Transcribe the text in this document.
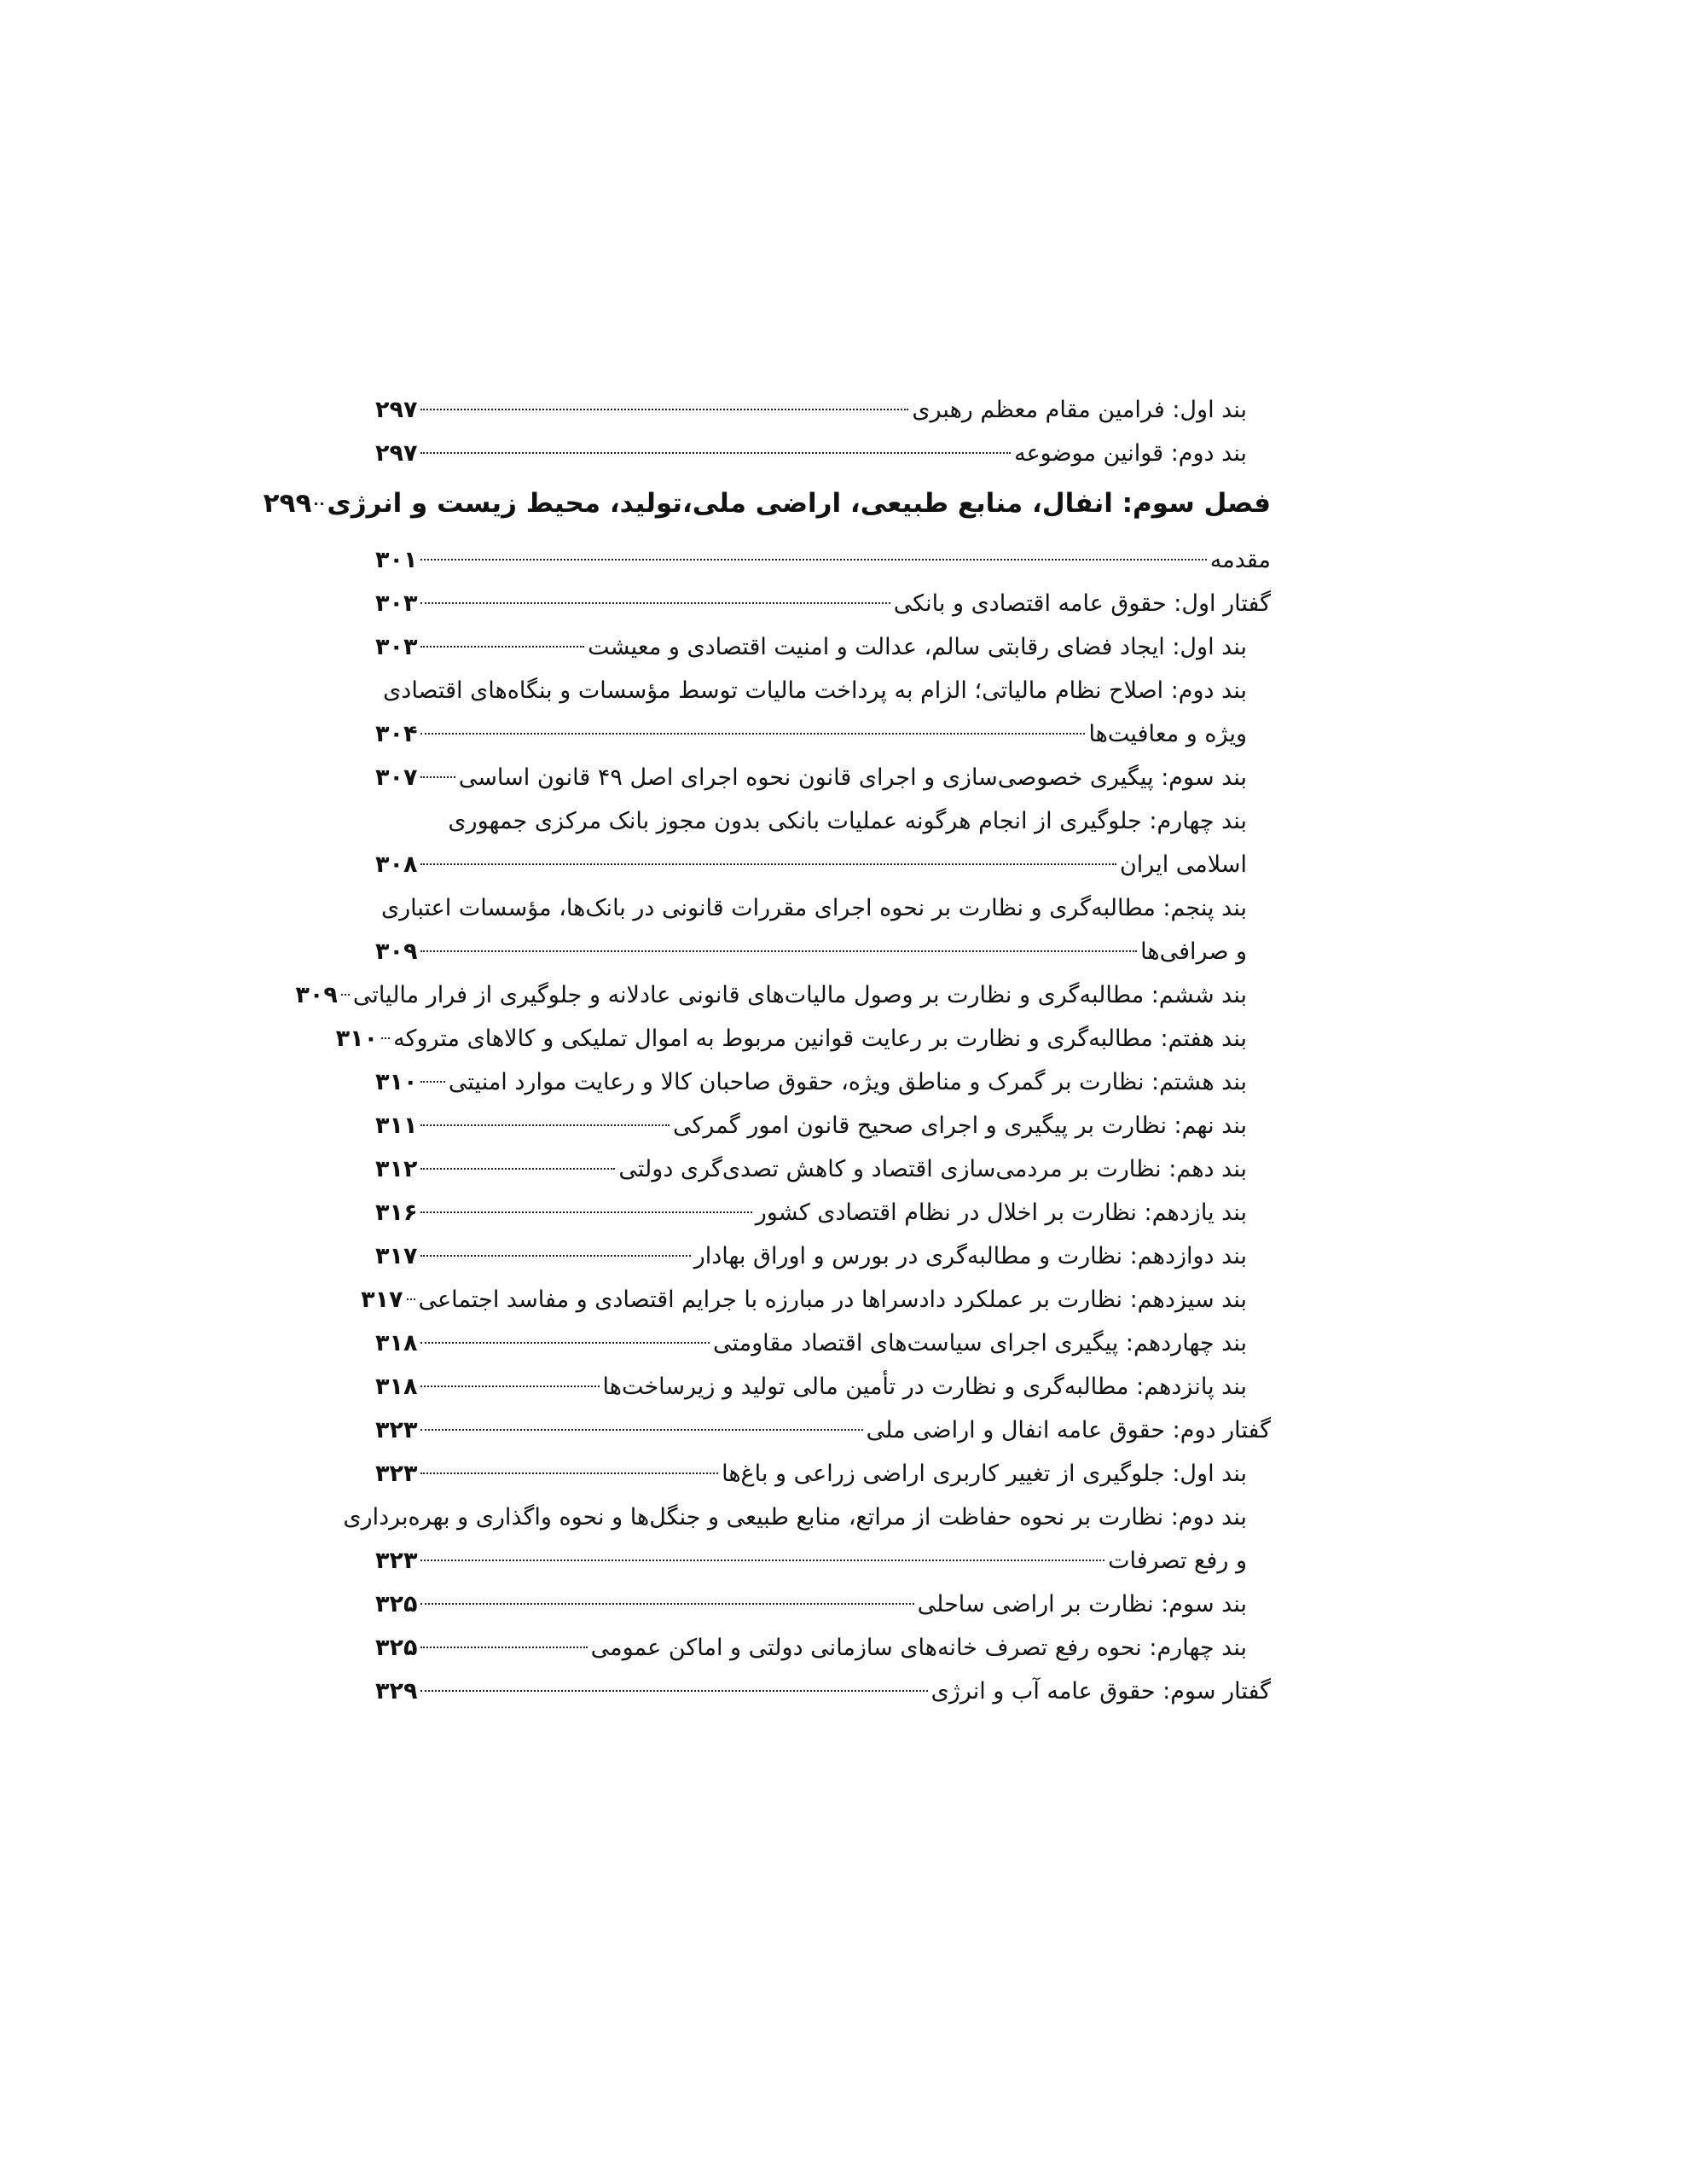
بند اول: فرامین مقام معظم رهبری
۲۹۷
بند دوم: قوانین موضوعه
۲۹۷
فصل سوم: انفال، منابع طبیعی، اراضی ملی،تولید، محیط زیست و انرژی
۲۹۹
مقدمه
۳۰۱
گفتار اول: حقوق عامه اقتصادی و بانکی
۳۰۳
بند اول: ایجاد فضای رقابتی سالم، عدالت و امنیت اقتصادی و معیشت
۳۰۳
بند دوم: اصلاح نظام مالیاتی؛ الزام به پرداخت مالیات توسط مؤسسات و بنگاه‌های اقتصادی
ویژه و معافیت‌ها
۳۰۴
بند سوم: پیگیری خصوصی‌سازی و اجرای قانون نحوه اجرای اصل ۴۹ قانون اساسی
۳۰۷
بند چهارم: جلوگیری از انجام هرگونه عملیات بانکی بدون مجوز بانک مرکزی جمهوری
اسلامی ایران
۳۰۸
بند پنجم: مطالبه‌گری و نظارت بر نحوه اجرای مقررات قانونی در بانک‌ها، مؤسسات اعتباری
و صرافی‌ها
۳۰۹
بند ششم: مطالبه‌گری و نظارت بر وصول مالیات‌های قانونی عادلانه و جلوگیری از فرار مالیاتی
۳۰۹
بند هفتم: مطالبه‌گری و نظارت بر رعایت قوانین مربوط به اموال تملیکی و کالاهای متروکه
۳۱۰
بند هشتم: نظارت بر گمرک و مناطق ویژه، حقوق صاحبان کالا و رعایت موارد امنیتی
۳۱۰
بند نهم: نظارت بر پیگیری و اجرای صحیح قانون امور گمرکی
۳۱۱
بند دهم: نظارت بر مردمی‌سازی اقتصاد و کاهش تصدی‌گری دولتی
۳۱۲
بند یازدهم: نظارت بر اخلال در نظام اقتصادی کشور
۳۱۶
بند دوازدهم: نظارت و مطالبه‌گری در بورس و اوراق بهادار
۳۱۷
بند سیزدهم: نظارت بر عملکرد دادسراها در مبارزه با جرایم اقتصادی و مفاسد اجتماعی
۳۱۷
بند چهاردهم: پیگیری اجرای سیاست‌های اقتصاد مقاومتی
۳۱۸
بند پانزدهم: مطالبه‌گری و نظارت در تأمین مالی تولید و زیرساخت‌ها
۳۱۸
گفتار دوم: حقوق عامه انفال و اراضی ملی
۳۲۳
بند اول: جلوگیری از تغییر کاربری اراضی زراعی و باغ‌ها
۳۲۳
بند دوم: نظارت بر نحوه حفاظت از مراتع، منابع طبیعی و جنگل‌ها و نحوه واگذاری و بهره‌برداری
و رفع تصرفات
۳۲۳
بند سوم: نظارت بر اراضی ساحلی
۳۲۵
بند چهارم: نحوه رفع تصرف خانه‌های سازمانی دولتی و اماکن عمومی
۳۲۵
گفتار سوم: حقوق عامه آب و انرژی
۳۲۹
